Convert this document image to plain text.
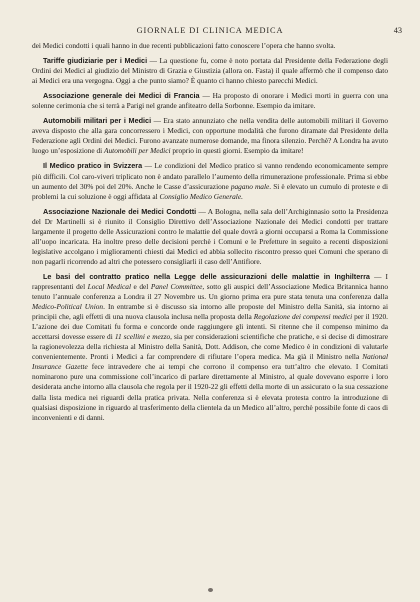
GIORNALE DI CLINICA MEDICA	43

dei Medici condotti i quali hanno in due recenti pubblicazioni fatto conoscere l’opera che hanno svolta.

Tariffe giudiziarie per i Medici — La questione fu, come è noto portata dal Presidente della Federazione degli Ordini dei Medici al giudizio del Ministro di Grazia e Giustizia (allora on. Fasta) il quale affermò che il compenso dato ai Medici era una vergogna. Oggi a che punto siamo? È quanto ci hanno chiesto parecchi Medici.

Associazione generale dei Medici di Francia — Ha proposto di onorare i Medici morti in guerra con una solenne cerimonia che si terrà a Parigi nel grande anfiteatro della Sorbonne. Esempio da imitare.

Automobili militari per i Medici — Era stato annunziato che nella vendita delle automobili militari il Governo aveva disposto che alla gara concorressero i Medici, con opportune modalità che furono diramate dal Presidente della Federazione agli Ordini dei Medici. Furono avanzate numerose domande, ma finora silenzio. Perchè? A Londra ha avuto luogo un’esposizione di Automobili per Medici proprio in questi giorni. Esempio da imitare!

Il Medico pratico in Svizzera — Le condizioni del Medico pratico si vanno rendendo economicamente sempre più difficili. Col caro-viveri triplicato non è andato parallelo l’aumento della rimunerazione professionale. Prima si ebbe un aumento del 30% poi del 20%. Anche le Casse d’assicurazione pagano male. Si è elevato un cumulo di proteste e di problemi la cui soluzione è oggi affidata al Consiglio Medico Generale.

Associazione Nazionale dei Medici Condotti — A Bologna, nella sala dell’Archiginnasio sotto la Presidenza del Dr Martinelli si è riunito il Consiglio Direttivo dell’Associazione Nazionale dei Medici condotti per trattare largamente il progetto delle Assicurazioni contro le malattie del quale dovrà a giorni occuparsi a Roma la Commissione all’uopo incaricata. Ha inoltre preso delle decisioni perchè i Comuni e le Prefetture in seguito a recenti disposizioni legislative accolgano i miglioramenti chiesti dai Medici ed abbia sollecito riscontro presso quei Comuni che sperano di non pagarli ricorrendo ad altri che potessero consigliarli il caso dell’Antifiore.

Le basi del contratto pratico nella Legge delle assicurazioni delle malattie in Inghilterra — I rappresentanti del Local Medical e del Panel Committee, sotto gli auspici dell’Associazione Medica Britannica hanno tenuto l’annuale conferenza a Londra il 27 Novembre us. Un giorno prima era pure stata tenuta una conferenza dalla Medico-Political Union. In entrambe si è discusso sia intorno alle proposte del Ministro della Sanità, sia intorno ai principii che, agli effetti di una nuova clausola inclusa nella proposta della Regolazione dei compensi medici per il 1920. L’azione dei due Comitati fu forma e concorde onde raggiungere gli intenti. Si ritenne che il compenso minimo da accettarsi dovesse essere di 11 scellini e mezzo, sia per considerazioni scientifiche che pratiche, e si decise di dimostrare la ragionevolezza della richiesta al Ministro della Sanità, Dott. Addison, che come Medico è in condizioni di valutarle convenientemente. Pronti i Medici a far comprendere di rifiutare l’opera medica. Ma già il Ministro nella National Insurance Gazette fece intravedere che ai tempi che corrono il compenso era tutt’altro che elevato. I Comitati nominarono pure una commissione coll’incarico di parlare direttamente al Ministro, al quale dovevano esporre i loro desiderata anche intorno alla clausola che regola per il 1920-22 gli effetti della morte di un assicurato o la sua cessazione dalla lista medica nei riguardi della pratica privata. Nella conferenza si è elevata protesta contro la introduzione di qualsiasi disposizione in riguardo al trasferimento della clientela da un Medico all’altro, perchè possibile fonte di caos di inconvenienti e di danni.
